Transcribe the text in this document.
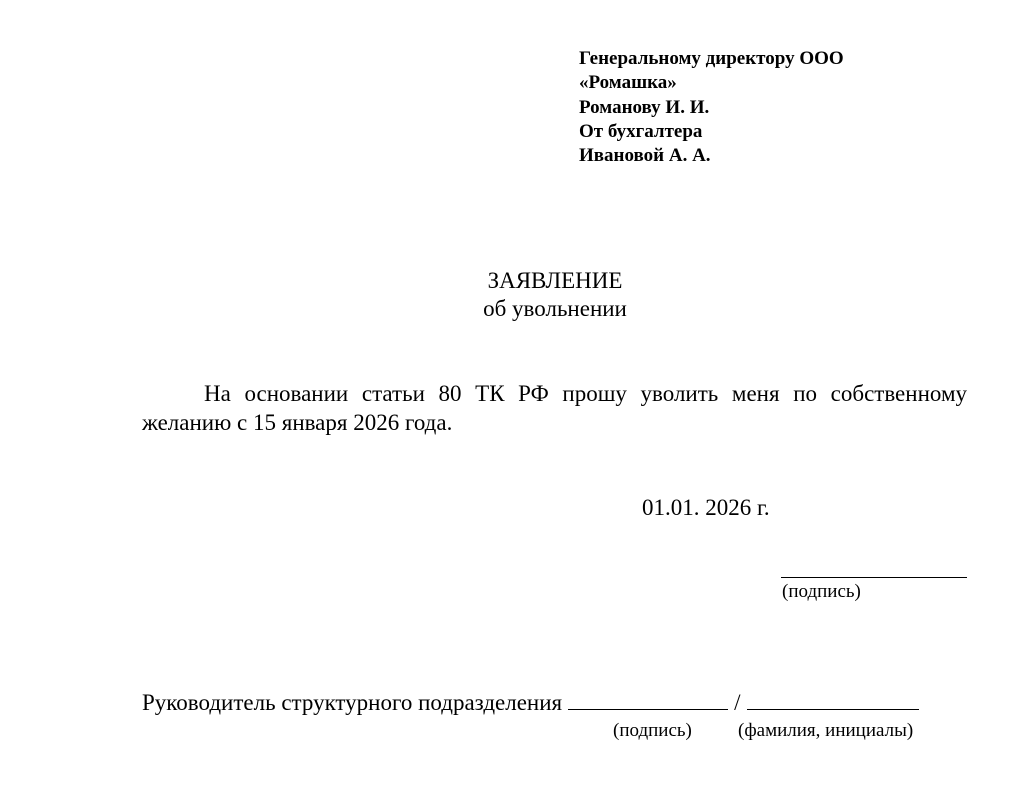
Генеральному директору ООО
«Ромашка»
Романову И. И.
От бухгалтера
Ивановой А. А.
ЗАЯВЛЕНИЕ
об увольнении
На основании статьи 80 ТК РФ прошу уволить меня по собственному желанию с 15 января 2026 года.
01.01. 2026 г.
(подпись)
Руководитель структурного подразделения	/
(подпись) (фамилия, инициалы)
